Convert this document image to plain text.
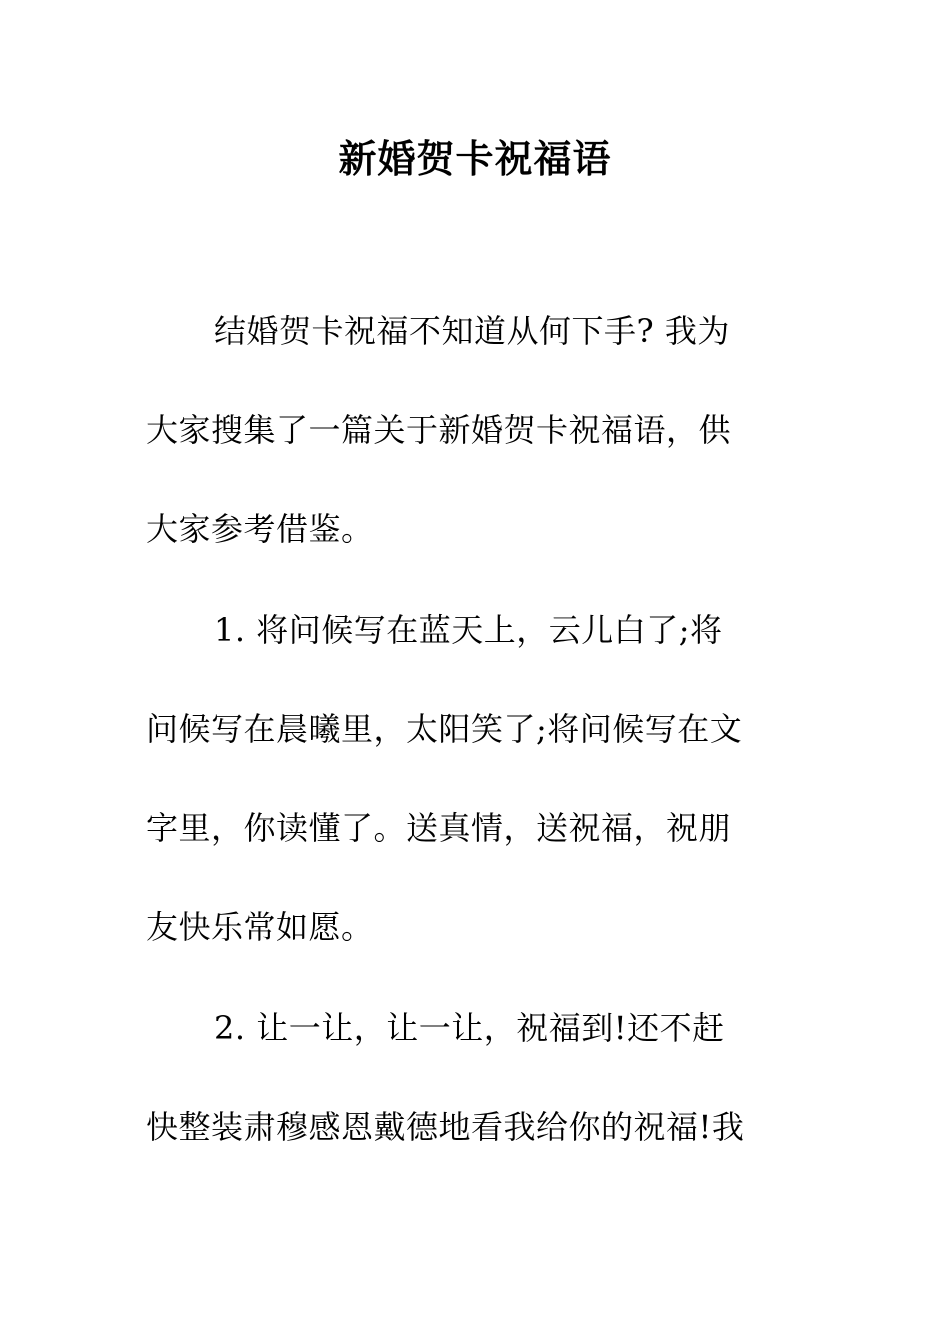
新婚贺卡祝福语
结婚贺卡祝福不知道从何下手? 我为
大家搜集了一篇关于新婚贺卡祝福语，供
大家参考借鉴。
1. 将问候写在蓝天上，云儿白了;将
问候写在晨曦里，太阳笑了;将问候写在文
字里，你读懂了。送真情，送祝福，祝朋
友快乐常如愿。
2. 让一让，让一让，祝福到!还不赶
快整装肃穆感恩戴德地看我给你的祝福!我
